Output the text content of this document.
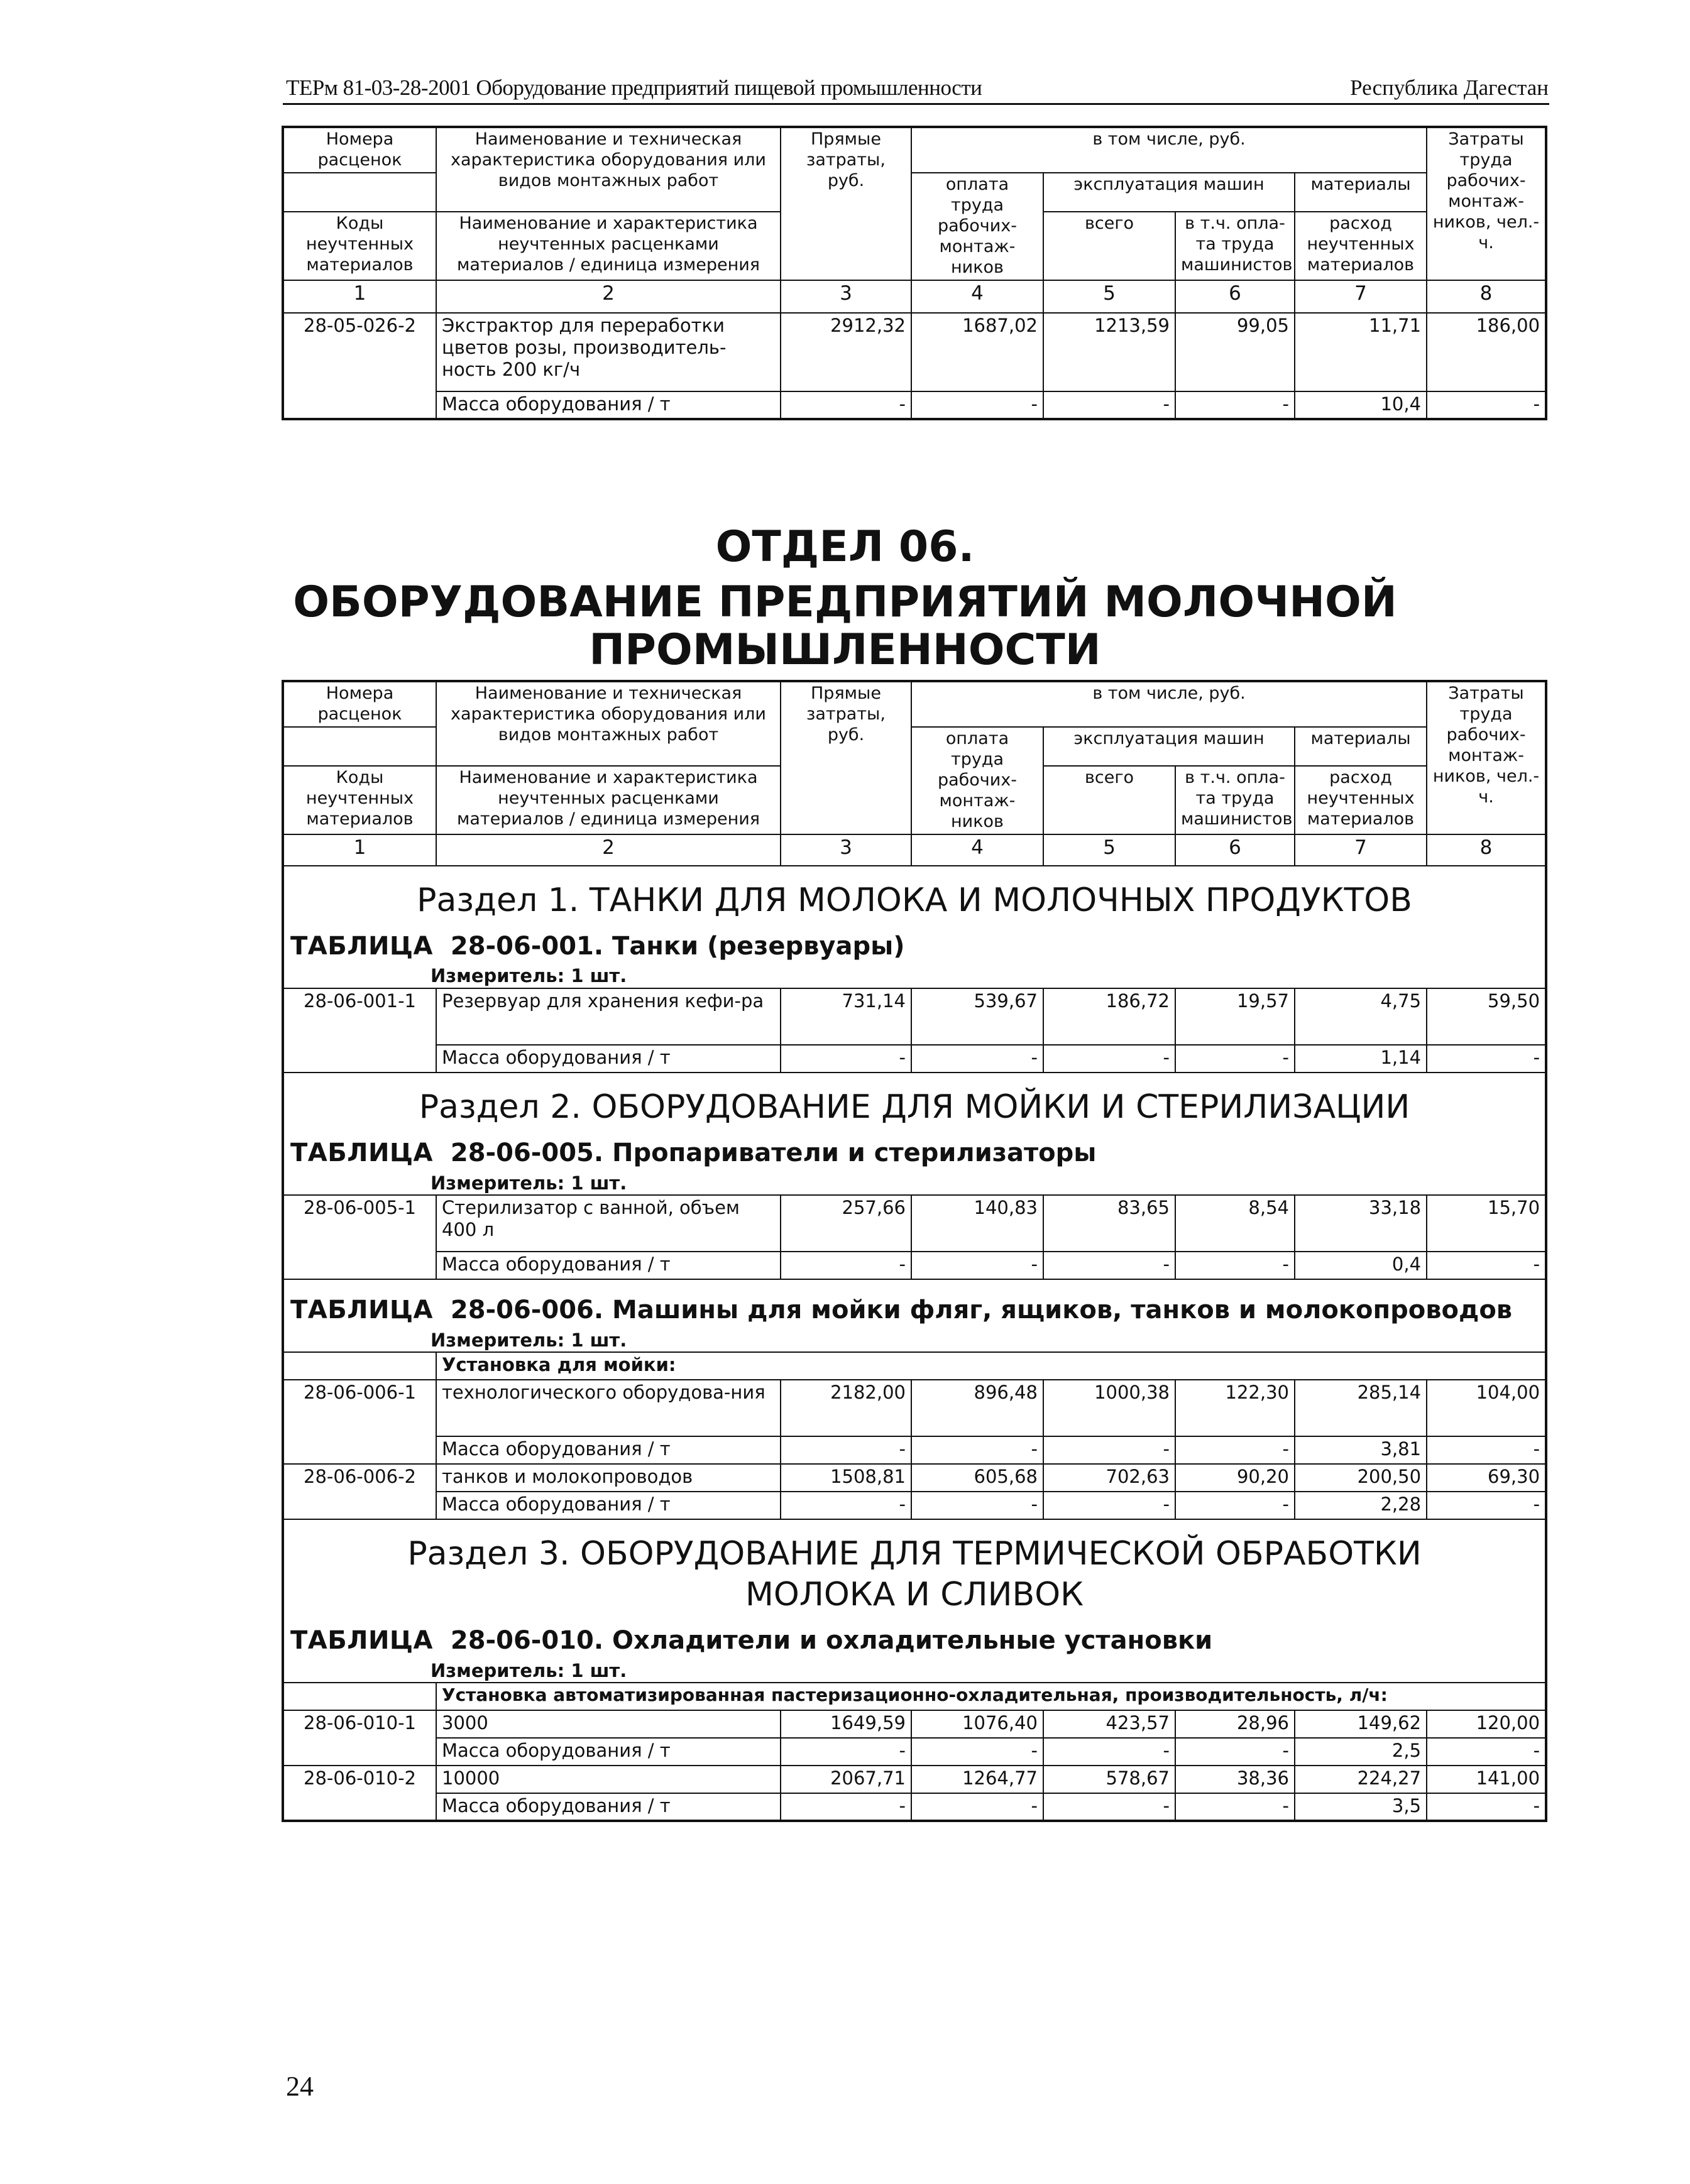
ТЕРм 81-03-28-2001 Оборудование предприятий пищевой промышленности	Республика Дагестан
Номера расценок	Наименование и техническая характеристика оборудования или видов монтажных работ	Прямые затраты, руб.	в том числе, руб.				Затраты труда рабочих-монтаж-ников, чел.-ч.
			оплата труда рабочих-монтаж-ников	эксплуатация машин		материалы	
Коды неучтенных материалов	Наименование и характеристика неучтенных расценками материалов / единица измерения			всего	в т.ч. опла-та труда машинистов	расход неучтенных материалов	

1	2	3	4	5	6	7	8
28-05-026-2	Экстрактор для переработки цветов розы, производитель-ность 200 кг/ч	2912,32	1687,02	1213,59	99,05	11,71	186,00
	Масса оборудования / т	-	-	-	-	10,4	-
ОТДЕЛ 06.
ОБОРУДОВАНИЕ ПРЕДПРИЯТИЙ МОЛОЧНОЙ
ПРОМЫШЛЕННОСТИ
Номера расценок	Наименование и техническая характеристика оборудования или видов монтажных работ	Прямые затраты, руб.	в том числе, руб.				Затраты труда рабочих-монтаж-ников, чел.-ч.
			оплата труда рабочих-монтаж-ников	эксплуатация машин		материалы	
Коды неучтенных материалов	Наименование и характеристика неучтенных расценками материалов / единица измерения			всего	в т.ч. опла-та труда машинистов	расход неучтенных материалов	

1	2	3	4	5	6	7	8

Раздел 1. ТАНКИ ДЛЯ МОЛОКА И МОЛОЧНЫХ ПРОДУКТОВ
ТАБЛИЦА 28-06-001. Танки (резервуары)
Измеритель: 1 шт.							

28-06-001-1	Резервуар для хранения кефи-ра	731,14	539,67	186,72	19,57	4,75	59,50
	Масса оборудования / т	-	-	-	-	1,14	-

Раздел 2. ОБОРУДОВАНИЕ ДЛЯ МОЙКИ И СТЕРИЛИЗАЦИИ
ТАБЛИЦА 28-06-005. Пропариватели и стерилизаторы
Измеритель: 1 шт.							

28-06-005-1	Стерилизатор с ванной, объем 400 л	257,66	140,83	83,65	8,54	33,18	15,70
	Масса оборудования / т	-	-	-	-	0,4	-

ТАБЛИЦА 28-06-006. Машины для мойки фляг, ящиков, танков и молокопроводов
Измеритель: 1 шт.							

	Установка для мойки:						
28-06-006-1	технологического оборудова-ния	2182,00	896,48	1000,38	122,30	285,14	104,00
	Масса оборудования / т	-	-	-	-	3,81	-
28-06-006-2	танков и молокопроводов	1508,81	605,68	702,63	90,20	200,50	69,30
	Масса оборудования / т	-	-	-	-	2,28	-

Раздел 3. ОБОРУДОВАНИЕ ДЛЯ ТЕРМИЧЕСКОЙ ОБРАБОТКИ
МОЛОКА И СЛИВОК
ТАБЛИЦА 28-06-010. Охладители и охладительные установки
Измеритель: 1 шт.							

	Установка автоматизированная пастеризационно-охладительная, производительность, л/ч:						
28-06-010-1	3000	1649,59	1076,40	423,57	28,96	149,62	120,00
	Масса оборудования / т	-	-	-	-	2,5	-
28-06-010-2	10000	2067,71	1264,77	578,67	38,36	224,27	141,00
	Масса оборудования / т	-	-	-	-	3,5	-
24
